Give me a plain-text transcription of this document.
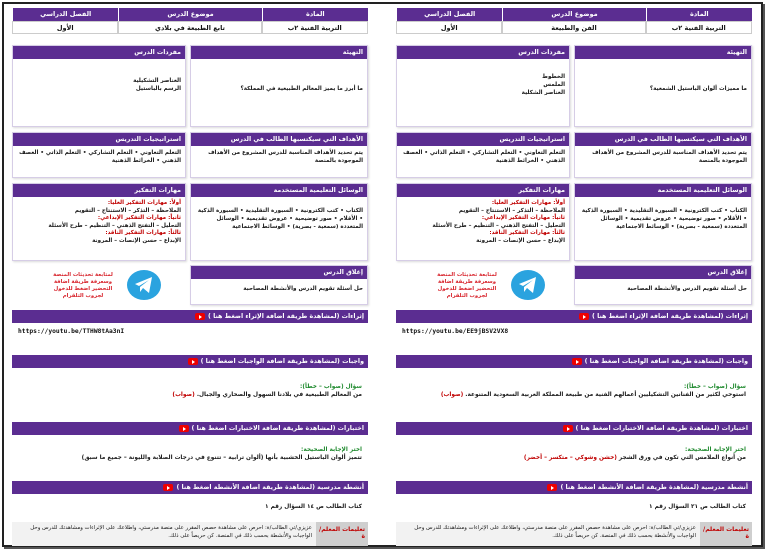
المادة
موضوع الدرس
الفصل الدراسي
التربية الفنية ٢ب
الفن والطبيعة
الأول
التهيئة
ما مميزات ألوان الباستيل الشمعية؟
مفردات الدرس
الخطوط
الملمس
العناصر الشكلية
الأهداف التي سيكتسبها الطالب في الدرس
يتم تحديد الأهداف المناسبة للدرس المشروع من الأهداف الموجودة بالمنصة
استراتيجيات التدريس
التعلم التعاوني • التعلم التشاركي • التعلم الذاتي • العصف الذهني • الخرائط الذهنية
الوسائل التعليمية المستخدمة
الكتاب • كتب الكترونية • السبورة التقليدية • السبورة الذكية • الأقلام • صور توضيحية • عروض تقديمية • الوسائل المتعددة (سمعية - بصرية) • الوسائط الاجتماعية
مهارات التفكير
أولاً: مهارات التفكير العليا:
الملاحظة – التذكر – الاستنتاج – التقويم
ثانياً: مهارات التفكير الإبداعي:
التحليل – التفتح الذهني – التنظيم – طرح الأسئلة
ثالثاً: مهارات التفكير الناقد:
الإبداع – حسن الإنصات – المرونة
إغلاق الدرس
حل أسئلة تقويم الدرس والأنشطة المصاحبة
لمتابعة تحديثات المنصة وسعرفة طريقة اضافة التحضير اضغط للدخول لجروب التلقرام
إثراءات (لمشاهدة طريقة اضافة الإثراء اضغط هنا )
https://youtu.be/EE9jBSV2VX8
واجبات (لمشاهدة طريقة اضافة الواجبات اضغط هنا )
سؤال (صواب – خطأ):
استوحي لكثير من الفنانين التشكيليين أعمالهم الفنية من طبيعة المملكة العربية السعودية المتنوعة. (صواب)
اختبارات (لمشاهدة طريقة اضافة الاختبارات اضغط هنا )
اختر الإجابة الصحيحة:
من أنواع الملامس التي تكون في ورق الشجر (خشن وشوكي – متكسر – أخضر)
أنشطة مدرسية (لمشاهدة طريقة اضافة الأنشطة اضغط هنا )
كتاب الطالب ص ٢١ السؤال رقم ١
تعليمات المعلم/ة
عزيزي/تي الطالب/ة: احرص على مشاهدة حصص المقرر على منصة مدرستي، واطلاعك على الإثراءات ومشاهدتك للدرس وحل الواجبات والأنشطة بحسب ذلك في المنصة. كن حريصاً على ذلك.
المادة
موضوع الدرس
الفصل الدراسي
التربية الفنية ٢ب
تابع الطبيعة في بلادي
الأول
التهيئة
ما أبرز ما يميز المعالم الطبيعية في المملكة؟
مفردات الدرس
العناصر التشكيلية
الرسم بالباستيل
الأهداف التي سيكتسبها الطالب في الدرس
يتم تحديد الأهداف المناسبة للدرس المشروع من الأهداف الموجودة بالمنصة
استراتيجيات التدريس
التعلم التعاوني • التعلم التشاركي • التعلم الذاتي • العصف الذهني • الخرائط الذهنية
الوسائل التعليمية المستخدمة
الكتاب • كتب الكترونية • السبورة التقليدية • السبورة الذكية • الأقلام • صور توضيحية • عروض تقديمية • الوسائل المتعددة (سمعية - بصرية) • الوسائط الاجتماعية
مهارات التفكير
أولاً: مهارات التفكير العليا:
الملاحظة – التذكر – الاستنتاج – التقويم
ثانياً: مهارات التفكير الإبداعي:
التحليل – التفتح الذهني – التنظيم – طرح الأسئلة
ثالثاً: مهارات التفكير الناقد:
الإبداع – حسن الإنصات – المرونة
إغلاق الدرس
حل أسئلة تقويم الدرس والأنشطة المصاحبة
لمتابعة تحديثات المنصة وسعرفة طريقة اضافة التحضير اضغط للدخول لجروب التلقرام
إثراءات (لمشاهدة طريقة اضافة الإثراء اضغط هنا )
https://youtu.be/TTHW8tAa3nI
واجبات (لمشاهدة طريقة اضافة الواجبات اضغط هنا )
سؤال (صواب – خطأ):
من المعالم الطبيعية في بلادنا السهول والصحاري والجبال. (صواب)
اختبارات (لمشاهدة طريقة اضافة الاختبارات اضغط هنا )
اختر الإجابة الصحيحة:
تتميز ألوان الباستيل الخشبية بأنها (ألوان ترابية – تتنوع في درجات الصلابة والليونة – جميع ما سبق)
أنشطة مدرسية (لمشاهدة طريقة اضافة الأنشطة اضغط هنا )
كتاب الطالب ص ١٤ السؤال رقم ١
تعليمات المعلم/ة
عزيزي/تي الطالب/ة: احرص على مشاهدة حصص المقرر على منصة مدرستي، واطلاعك على الإثراءات ومشاهدتك للدرس وحل الواجبات والأنشطة بحسب ذلك في المنصة. كن حريصاً على ذلك.
